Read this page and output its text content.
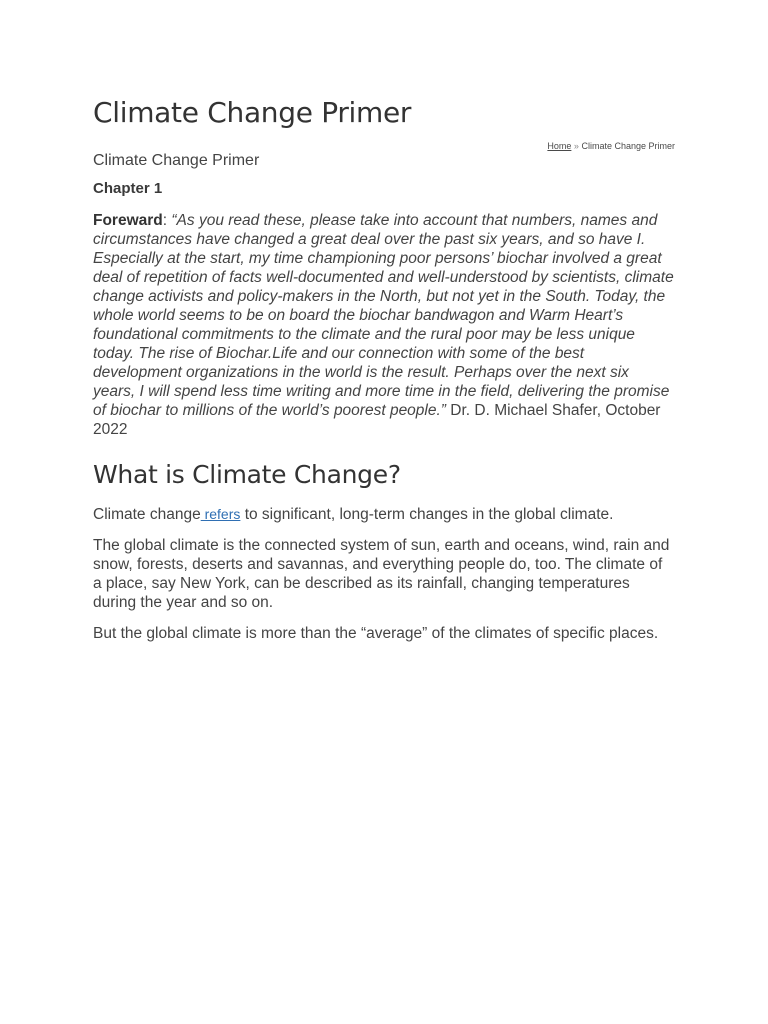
Climate Change Primer
Home » Climate Change Primer

Climate Change Primer

Chapter 1

Foreward: “As you read these, please take into account that numbers, names and circumstances have changed a great deal over the past six years, and so have I. Especially at the start, my time championing poor persons’ biochar involved a great deal of repetition of facts well-documented and well-understood by scientists, climate change activists and policy-makers in the North, but not yet in the South. Today, the whole world seems to be on board the biochar bandwagon and Warm Heart’s foundational commitments to the climate and the rural poor may be less unique today. The rise of Biochar.Life and our connection with some of the best development organizations in the world is the result. Perhaps over the next six years, I will spend less time writing and more time in the field, delivering the promise of biochar to millions of the world’s poorest people.” Dr. D. Michael Shafer, October 2022

What is Climate Change?

Climate change refers to significant, long-term changes in the global climate.

The global climate is the connected system of sun, earth and oceans, wind, rain and snow, forests, deserts and savannas, and everything people do, too. The climate of a place, say New York, can be described as its rainfall, changing temperatures during the year and so on.

But the global climate is more than the “average” of the climates of specific places.
